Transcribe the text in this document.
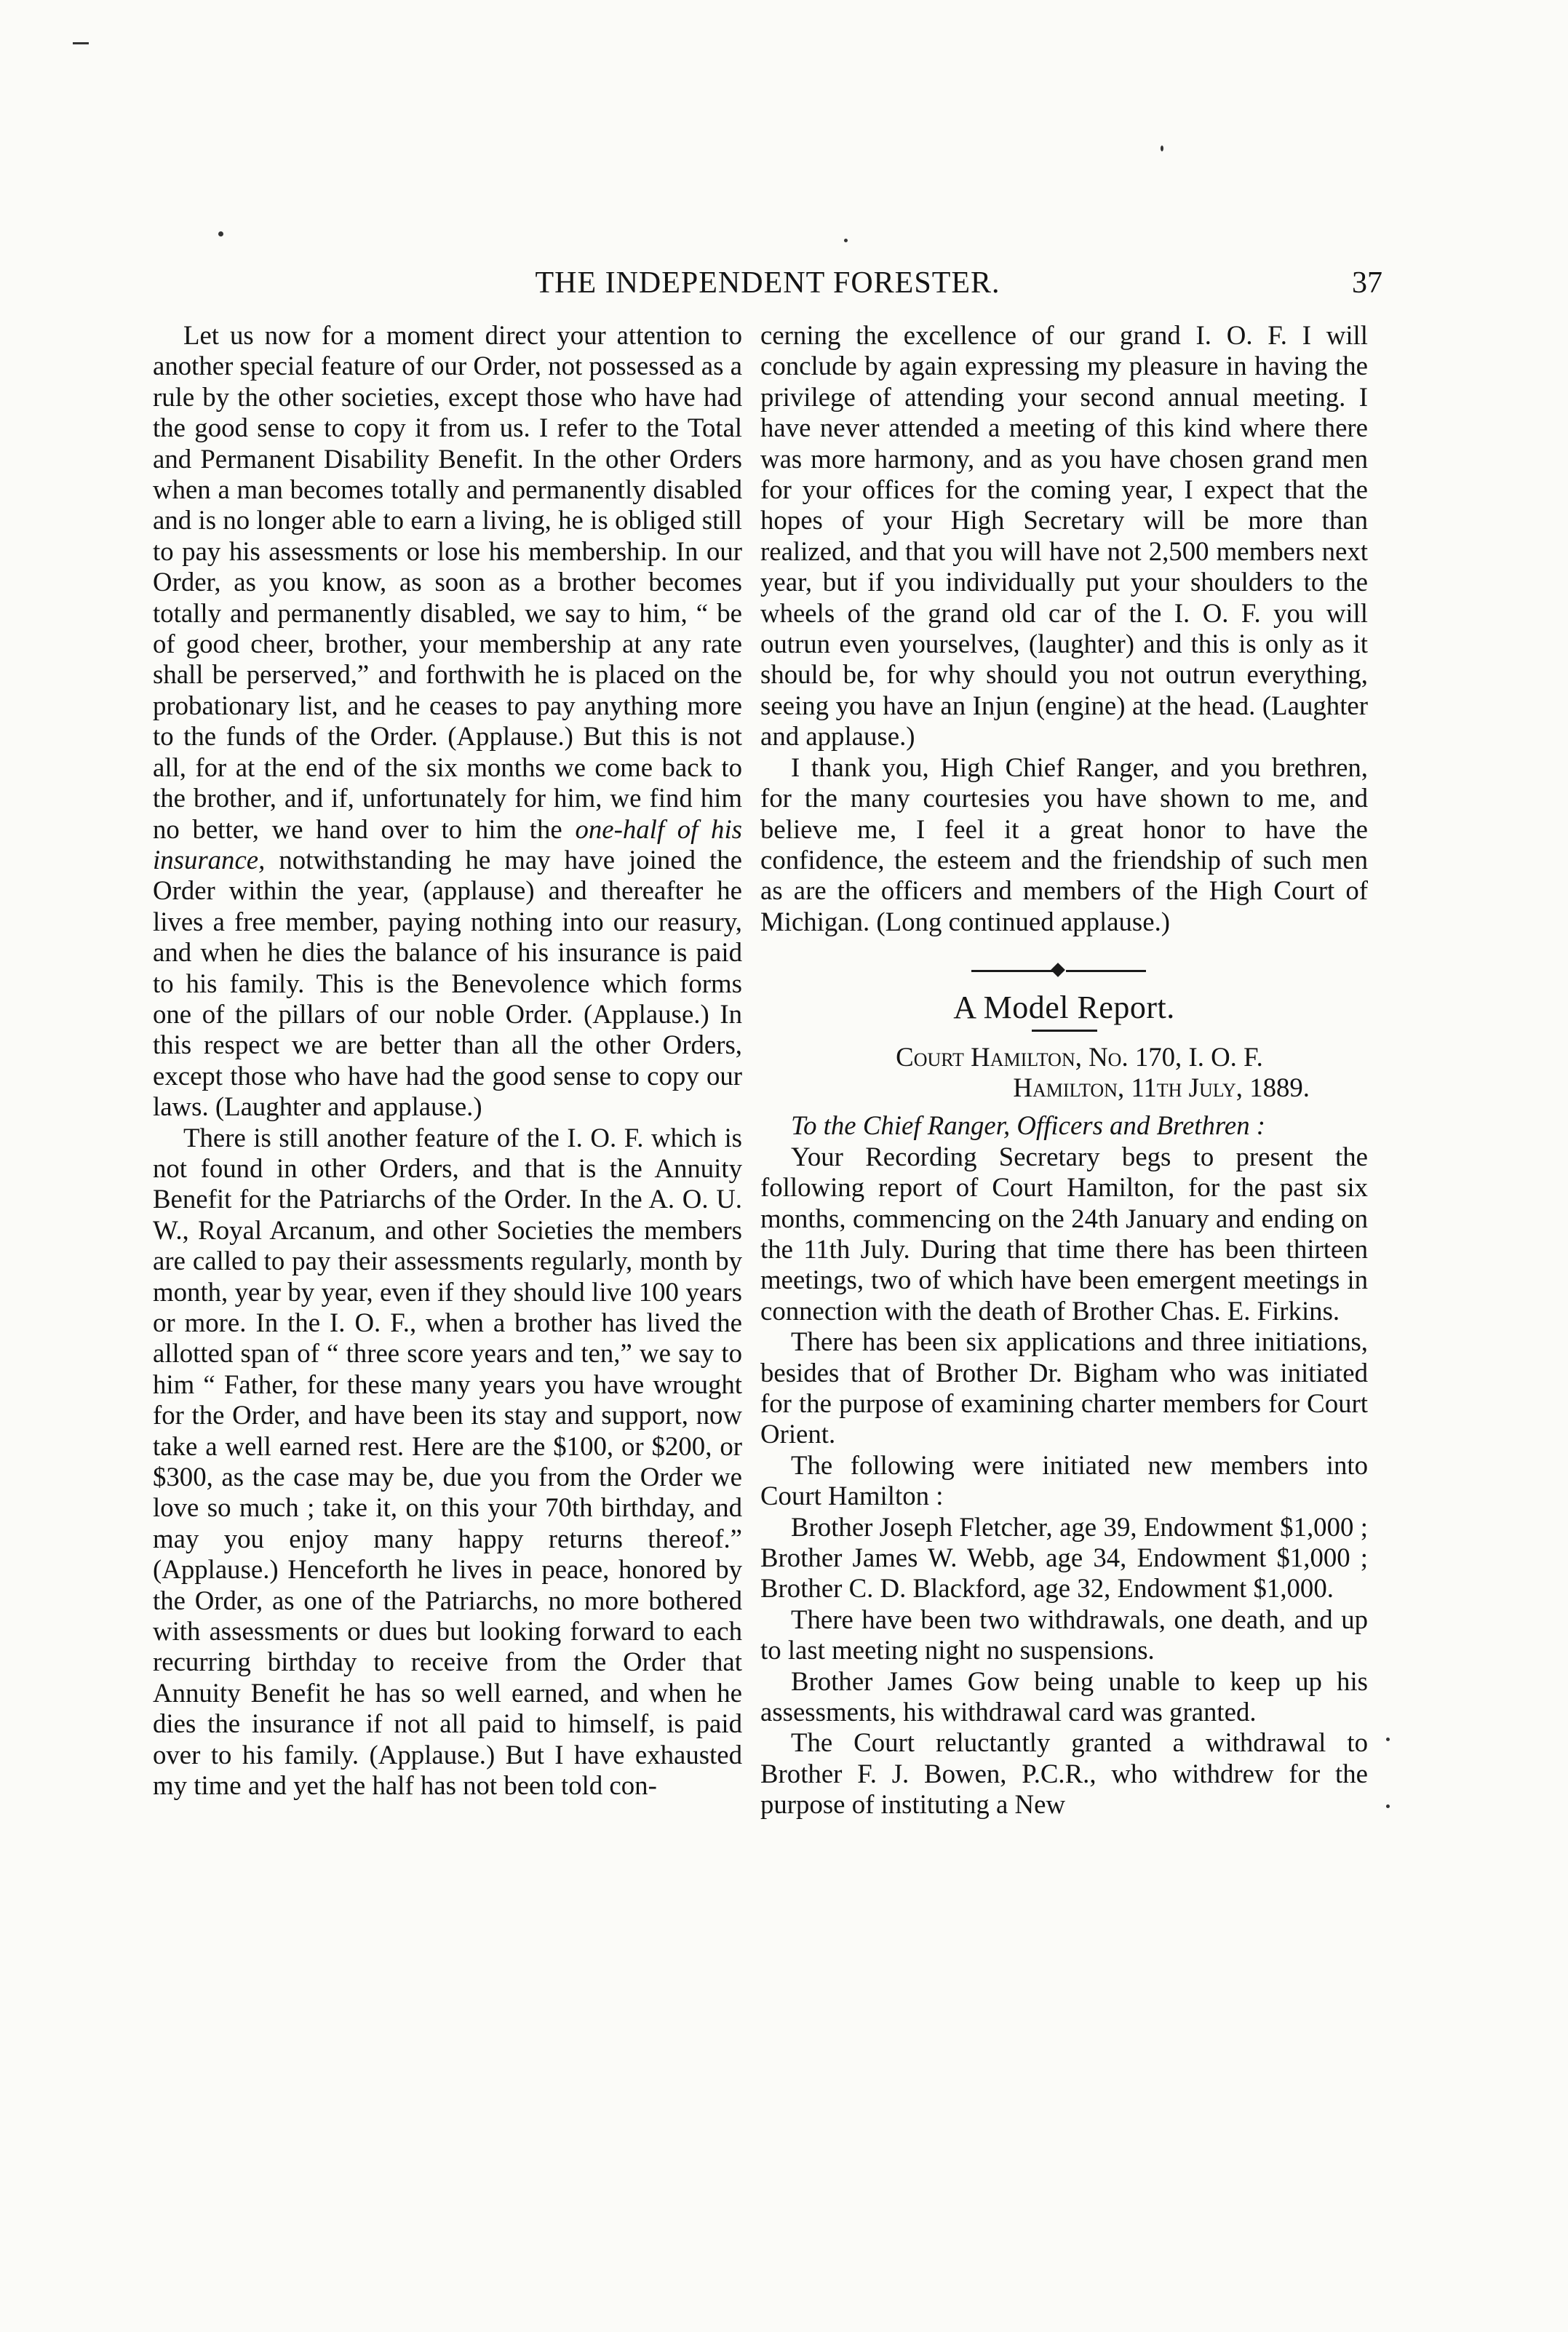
THE INDEPENDENT FORESTER.	37

Let us now for a moment direct your attention to another special feature of our Order, not possessed as a rule by the other societies, except those who have had the good sense to copy it from us. I refer to the Total and Permanent Disability Benefit. In the other Orders when a man becomes totally and permanently disabled and is no longer able to earn a living, he is obliged still to pay his assessments or lose his membership. In our Order, as you know, as soon as a brother becomes totally and permanently disabled, we say to him, “ be of good cheer, brother, your membership at any rate shall be perserved,” and forthwith he is placed on the probationary list, and he ceases to pay anything more to the funds of the Order. (Applause.) But this is not all, for at the end of the six months we come back to the brother, and if, unfortunately for him, we find him no better, we hand over to him the one-half of his insurance, notwithstanding he may have joined the Order within the year, (applause) and thereafter he lives a free member, paying nothing into our reasury, and when he dies the balance of his insurance is paid to his family. This is the Benevolence which forms one of the pillars of our noble Order. (Applause.) In this respect we are better than all the other Orders, except those who have had the good sense to copy our laws. (Laughter and applause.)

There is still another feature of the I. O. F. which is not found in other Orders, and that is the Annuity Benefit for the Patriarchs of the Order. In the A. O. U. W., Royal Arcanum, and other Societies the members are called to pay their assessments regularly, month by month, year by year, even if they should live 100 years or more. In the I. O. F., when a brother has lived the allotted span of “ three score years and ten,” we say to him “ Father, for these many years you have wrought for the Order, and have been its stay and support, now take a well earned rest. Here are the $100, or $200, or $300, as the case may be, due you from the Order we love so much ; take it, on this your 70th birthday, and may you enjoy many happy returns thereof.” (Applause.) Henceforth he lives in peace, honored by the Order, as one of the Patriarchs, no more bothered with assessments or dues but looking forward to each recurring birthday to receive from the Order that Annuity Benefit he has so well earned, and when he dies the insurance if not all paid to himself, is paid over to his family. (Applause.) But I have exhausted my time and yet the half has not been told con-

cerning the excellence of our grand I. O. F. I will conclude by again expressing my pleasure in having the privilege of attending your second annual meeting. I have never attended a meeting of this kind where there was more harmony, and as you have chosen grand men for your offices for the coming year, I expect that the hopes of your High Secretary will be more than realized, and that you will have not 2,500 members next year, but if you individually put your shoulders to the wheels of the grand old car of the I. O. F. you will outrun even yourselves, (laughter) and this is only as it should be, for why should you not outrun everything, seeing you have an Injun (engine) at the head. (Laughter and applause.)

I thank you, High Chief Ranger, and you brethren, for the many courtesies you have shown to me, and believe me, I feel it a great honor to have the confidence, the esteem and the friendship of such men as are the officers and members of the High Court of Michigan. (Long continued applause.)

A Model Report.

Court Hamilton, No. 170, I. O. F.

Hamilton, 11th July, 1889.

To the Chief Ranger, Officers and Brethren :

Your Recording Secretary begs to present the following report of Court Hamilton, for the past six months, commencing on the 24th January and ending on the 11th July. During that time there has been thirteen meetings, two of which have been emergent meetings in connection with the death of Brother Chas. E. Firkins.

There has been six applications and three initiations, besides that of Brother Dr. Bigham who was initiated for the purpose of examining charter members for Court Orient.

The following were initiated new members into Court Hamilton :

Brother Joseph Fletcher, age 39, Endowment $1,000 ; Brother James W. Webb, age 34, Endowment $1,000 ; Brother C. D. Blackford, age 32, Endowment $1,000.

There have been two withdrawals, one death, and up to last meeting night no suspensions.

Brother James Gow being unable to keep up his assessments, his withdrawal card was granted.

The Court reluctantly granted a withdrawal to Brother F. J. Bowen, P.C.R., who withdrew for the purpose of instituting a New
